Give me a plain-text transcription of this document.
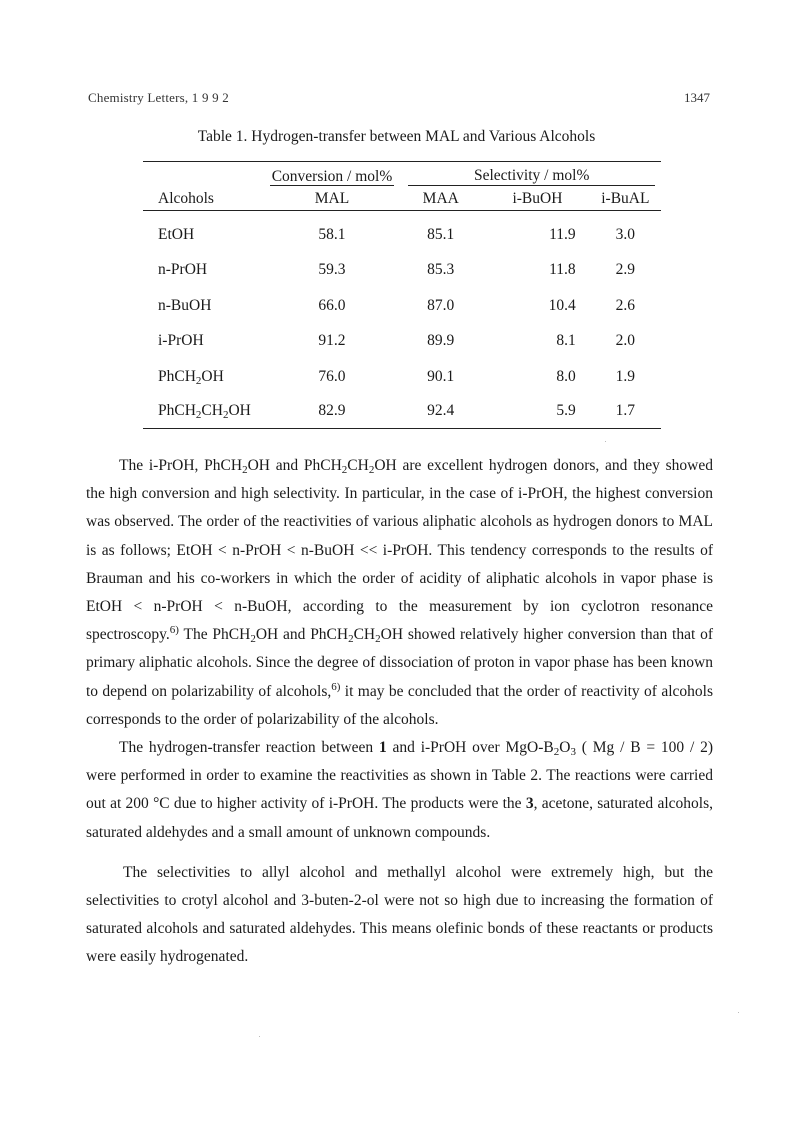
Chemistry Letters, 1 9 9 2	1347
Table 1. Hydrogen-transfer between MAL and Various Alcohols
	Conversion / mol%	Selectivity / mol%		

Alcohols	MAL	MAA	i-BuOH	i-BuAL
EtOH	58.1	85.1	11.9	3.0
n-PrOH	59.3	85.3	11.8	2.9
n-BuOH	66.0	87.0	10.4	2.6
i-PrOH	91.2	89.9	8.1	2.0
PhCH$_2$OH	76.0	90.1	8.0	1.9
$PhCH_2CH_2OH$	82.9	92.4	5.9	1.7

The i-PrOH, PhCH$_2$OH and $PhCH_2CH_2OH$ are excellent hydrogen donors, and they showed the high conversion and high selectivity. In particular, in the case of i-PrOH, the highest conversion was observed. The order of the reactivities of various aliphatic alcohols as hydrogen donors to MAL is as follows; EtOH < n-PrOH < n-BuOH << i-PrOH. This tendency corresponds to the results of Brauman and his co-workers in which the order of acidity of aliphatic alcohols in vapor phase is EtOH < n-PrOH < n-BuOH, according to the measurement by ion cyclotron resonance spectroscopy.$^{6)}$ The PhCH$_2$OH and $PhCH_2CH_2OH$ showed relatively higher conversion than that of primary aliphatic alcohols. Since the degree of dissociation of proton in vapor phase has been known to depend on polarizability of alcohols,$^{6)}$ it may be concluded that the order of reactivity of alcohols corresponds to the order of polarizability of the alcohols.

The hydrogen-transfer reaction between 1 and i-PrOH over MgO-$B_2O_3$ ( Mg / B = 100 / 2) were performed in order to examine the reactivities as shown in Table 2. The reactions were carried out at 200 °C due to higher activity of i-PrOH. The products were the 3, acetone, saturated alcohols, saturated aldehydes and a small amount of unknown compounds.

The selectivities to allyl alcohol and methallyl alcohol were extremely high, but the selectivities to crotyl alcohol and 3-buten-2-ol were not so high due to increasing the formation of saturated alcohols and saturated aldehydes. This means olefinic bonds of these reactants or products were easily hydrogenated.
